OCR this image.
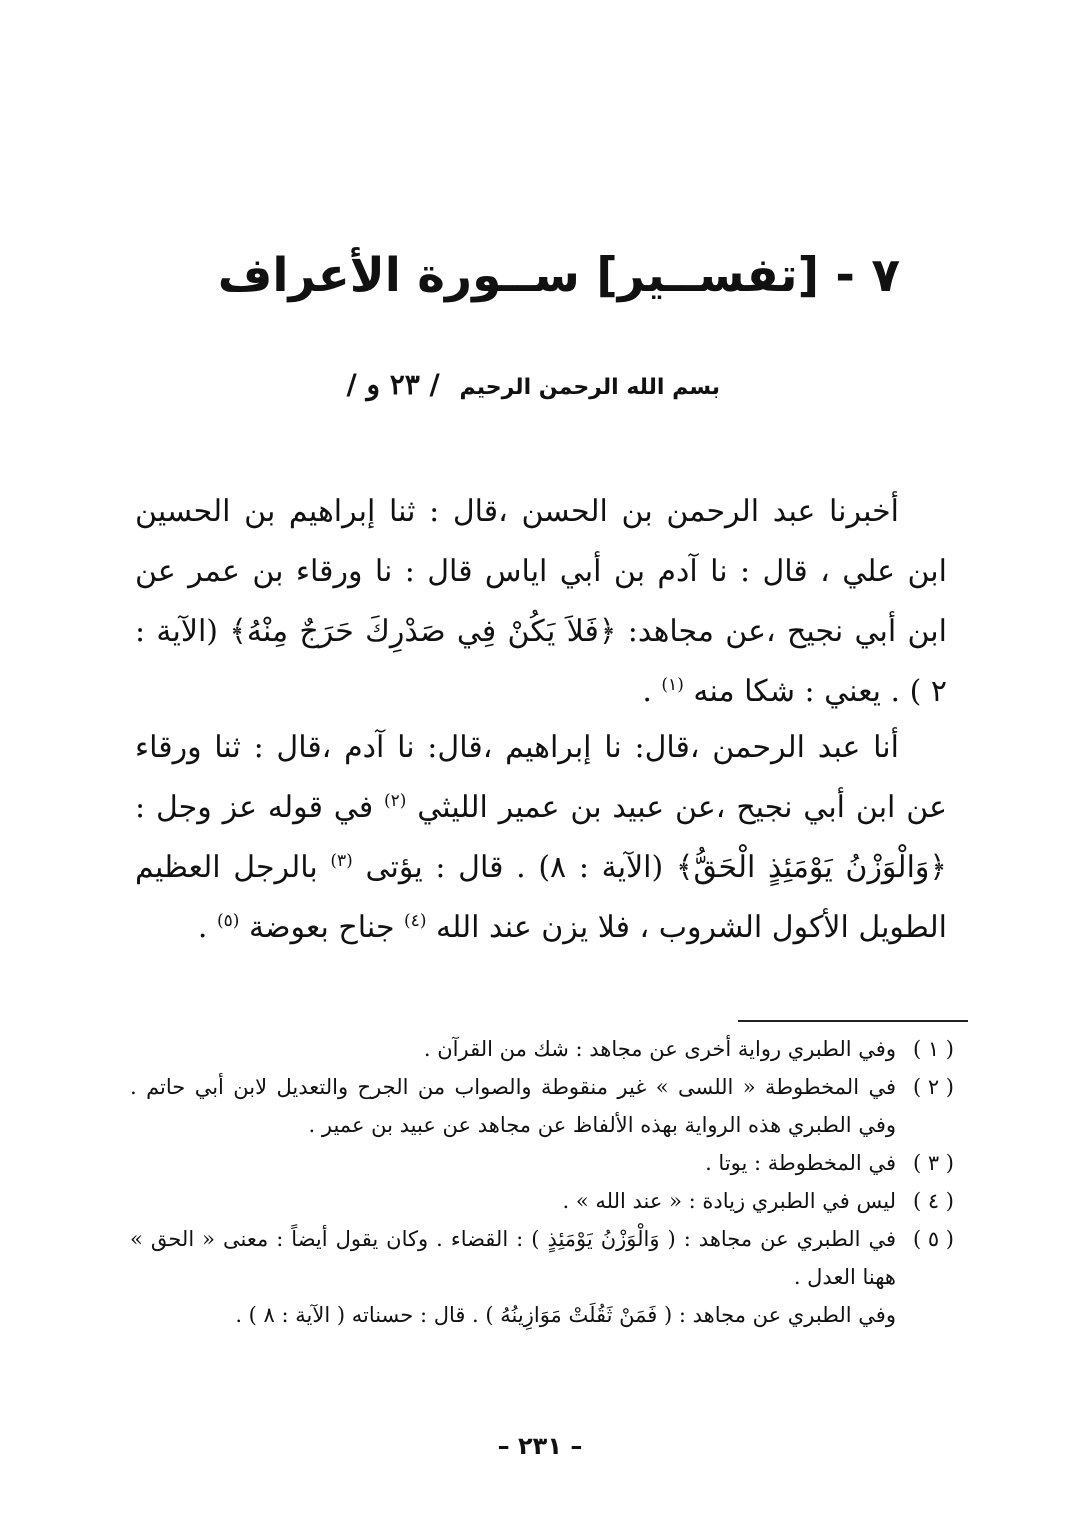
٧ - [تفســير] ســورة الأعراف
بسم الله الرحمن الرحيم / ٢٣ و /

أخبرنا عبد الرحمن بن الحسن ،قال : ثنا إبراهيم بن الحسين ابن علي ، قال : نا آدم بن أبي اياس قال : نا ورقاء بن عمر عن ابن أبي نجيح ،عن مجاهد: ﴿فَلاَ يَكُنْ فِي صَدْرِكَ حَرَجٌ مِنْهُ﴾ (الآية : ٢ ) . يعني : شكا منه $^{(١)}$ .

أنا عبد الرحمن ،قال: نا إبراهيم ،قال: نا آدم ،قال : ثنا ورقاء عن ابن أبي نجيح ،عن عبيد بن عمير الليثي $^{(٢)}$ في قوله عز وجل : ﴿وَالْوَزْنُ يَوْمَئِذٍ الْحَقُّ﴾ (الآية : ٨) . قال : يؤتى $^{(٣)}$ بالرجل العظيم الطويل الأكول الشروب ، فلا يزن عند الله $^{(٤)}$ جناح بعوضة $^{(٥)}$ .

( ١ )
وفي الطبري رواية أخرى عن مجاهد : شك من القرآن .
( ٢ )
في المخطوطة « اللسى » غير منقوطة والصواب من الجرح والتعديل لابن أبي حاتم . وفي الطبري هذه الرواية بهذه الألفاظ عن مجاهد عن عبيد بن عمير .
( ٣ )
في المخطوطة : يوتا .
( ٤ )
ليس في الطبري زيادة : « عند الله » .
( ٥ )
في الطبري عن مجاهد : ( وَالْوَزْنُ يَوْمَئِذٍ ) : القضاء . وكان يقول أيضاً : معنى « الحق » ههنا العدل .

وفي الطبري عن مجاهد : ( فَمَنْ ثَقُلَتْ مَوَازِينُهُ ) . قال : حسناته ( الآية : ٨ ) .

– ٢٣١ –
